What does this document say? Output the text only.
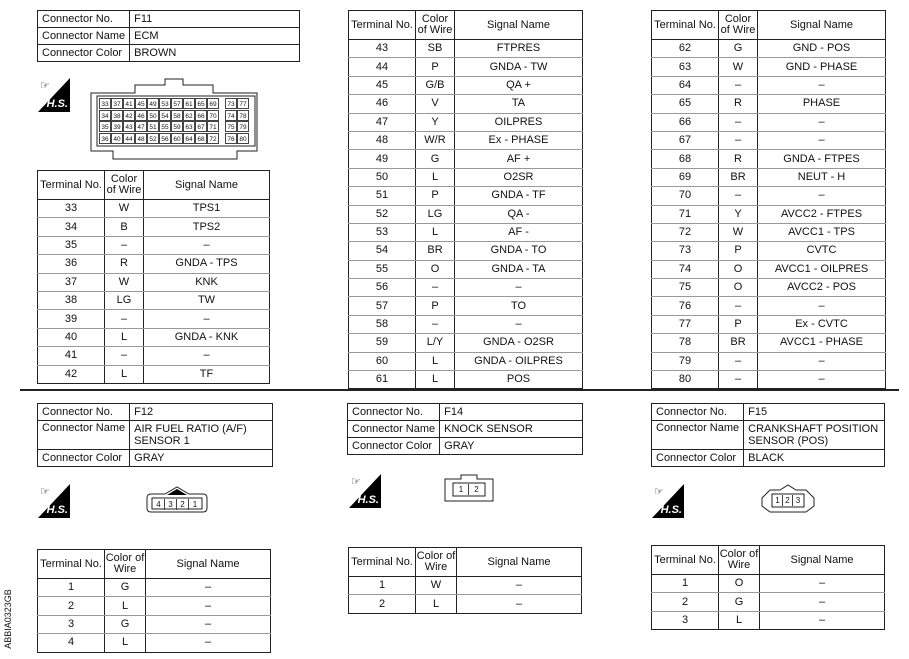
Connector No.	F11
Connector Name	ECM
Connector Color	BROWN
☞
H.S.	33 37 41 45 49 53 57 61 65 69	73 77
34 38 42 46 50 54 58 62 66 70	74 78
35 39 43 47 51 55 59 63 67 71	75 79
36 40 44 48 52 56 60 64 68 72	76 80
Terminal No.	Color of Wire	Signal Name
33	W	TPS1
34	B	TPS2
35	–	–
36	R	GNDA - TPS
37	W	KNK
38	LG	TW
39	–	–
40	L	GNDA - KNK
41	–	–
42	L	TF
Terminal No.	Color of Wire	Signal Name
43	SB	FTPRES
44	P	GNDA - TW
45	G/B	QA +
46	V	TA
47	Y	OILPRES
48	W/R	Ex - PHASE
49	G	AF +
50	L	O2SR
51	P	GNDA - TF
52	LG	QA -
53	L	AF -
54	BR	GNDA - TO
55	O	GNDA - TA
56	–	–
57	P	TO
58	–	–
59	L/Y	GNDA - O2SR
60	L	GNDA - OILPRES
61	L	POS
Terminal No.	Color of Wire	Signal Name
62	G	GND - POS
63	W	GND - PHASE
64	–	–
65	R	PHASE
66	–	–
67	–	–
68	R	GNDA - FTPES
69	BR	NEUT - H
70	–	–
71	Y	AVCC2 - FTPES
72	W	AVCC1 - TPS
73	P	CVTC
74	O	AVCC1 - OILPRES
75	O	AVCC2 - POS
76	–	–
77	P	Ex - CVTC
78	BR	AVCC1 - PHASE
79	–	–
80	–	–
Connector No.	F12
Connector Name	AIR FUEL RATIO (A/F) SENSOR 1
Connector Color	GRAY
☞
H.S.	4 3 2	1
Terminal No.	Color of Wire	Signal Name
1	G	–
2	L	–
3	G	–
4	L	–
Connector No.	F14
Connector Name	KNOCK SENSOR
Connector Color	GRAY
☞
H.S.
1	2
Terminal No.	Color of Wire	Signal Name
1	W	–
2	L	–
Connector No.	F15
Connector Name	CRANKSHAFT POSITION SENSOR (POS)
Connector Color	BLACK
☞
H.S.
1 2 3
Terminal No.	Color of Wire	Signal Name
1	O	–
2	G	–
3	L	–
ABBIA0323GB
